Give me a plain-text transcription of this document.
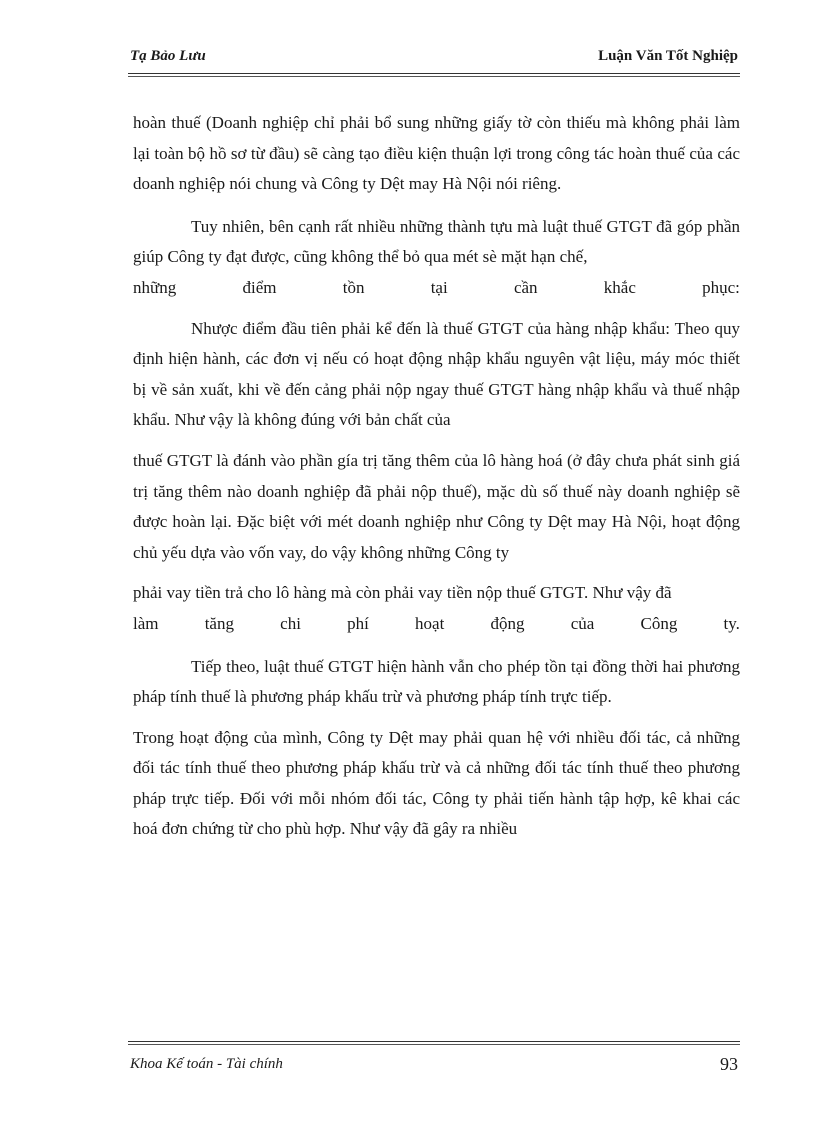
Tạ Bảo Lưu	Luận Văn Tốt Nghiệp

hoàn thuế (Doanh nghiệp chỉ phải bổ sung những giấy tờ còn thiếu mà không phải làm lại toàn bộ hồ sơ từ đầu) sẽ càng tạo điều kiện thuận lợi trong công tác hoàn thuế của các doanh nghiệp nói chung và Công ty Dệt may Hà Nội nói riêng.

Tuy nhiên, bên cạnh rất nhiều những thành tựu mà luật thuế GTGT đã góp phần giúp Công ty đạt được, cũng không thể bỏ qua mét sè mặt hạn chế,

những	điểm	tồn	tại	cần	khắc	phục:

Nhược điểm đầu tiên phải kể đến là thuế GTGT của hàng nhập khẩu: Theo quy định hiện hành, các đơn vị nếu có hoạt động nhập khẩu nguyên vật liệu, máy móc thiết bị về sản xuất, khi về đến cảng phải nộp ngay thuế GTGT hàng nhập khẩu và thuế nhập khẩu. Như vậy là không đúng với bản chất của

thuế GTGT là đánh vào phần gía trị tăng thêm của lô hàng hoá (ở đây chưa phát sinh giá trị tăng thêm nào doanh nghiệp đã phải nộp thuế), mặc dù số thuế này doanh nghiệp sẽ được hoàn lại. Đặc biệt với mét doanh nghiệp như Công ty Dệt may Hà Nội, hoạt động chủ yếu dựa vào vốn vay, do vậy không những Công ty

phải vay tiền trả cho lô hàng mà còn phải vay tiền nộp thuế GTGT. Như vậy đã

làm	tăng	chi	phí	hoạt	động	của	Công	ty.

Tiếp theo, luật thuế GTGT hiện hành vẫn cho phép tồn tại đồng thời hai phương pháp tính thuế là phương pháp khấu trừ và phương pháp tính trực tiếp.

Trong hoạt động của mình, Công ty Dệt may phải quan hệ với nhiều đối tác, cả những đối tác tính thuế theo phương pháp khấu trừ và cả những đối tác tính thuế theo phương pháp trực tiếp. Đối với mỗi nhóm đối tác, Công ty phải tiến hành tập hợp, kê khai các hoá đơn chứng từ cho phù hợp. Như vậy đã gây ra nhiều

Khoa Kế toán - Tài chính	93
